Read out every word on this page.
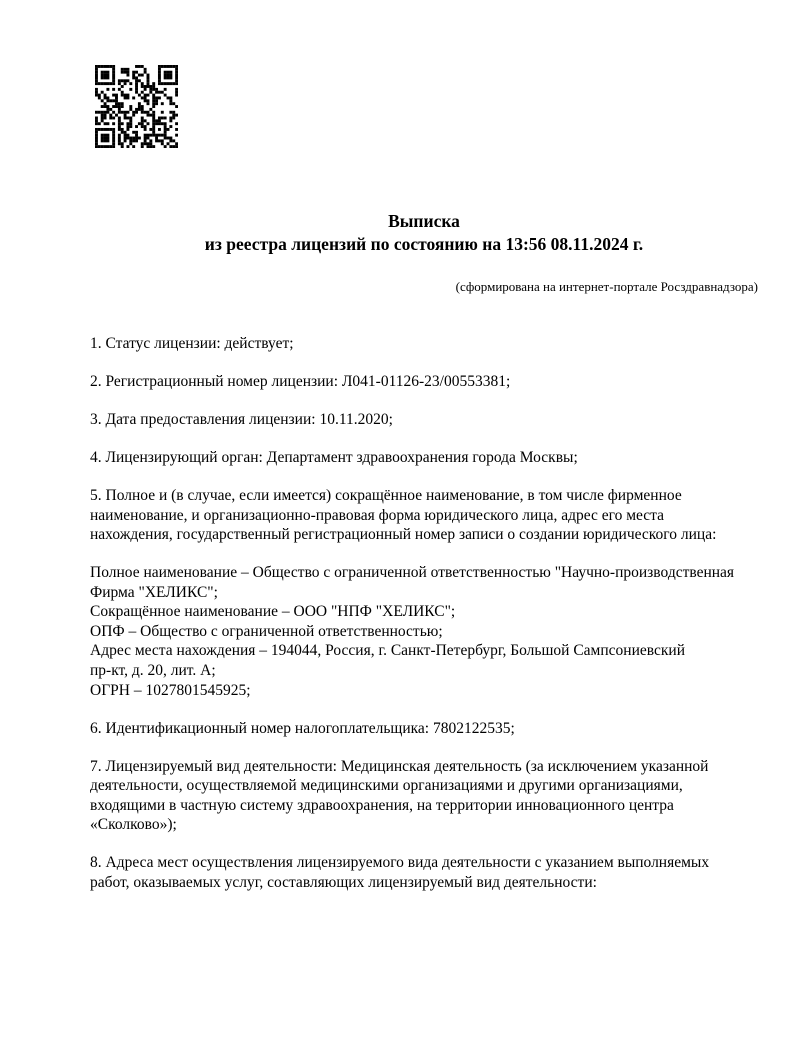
Выписка
из реестра лицензий по состоянию на 13:56 08.11.2024 г.
(сформирована на интернет-портале Росздравнадзора)
1. Статус лицензии: действует;
2. Регистрационный номер лицензии: Л041-01126-23/00553381;
3. Дата предоставления лицензии: 10.11.2020;
4. Лицензирующий орган: Департамент здравоохранения города Москвы;
5. Полное и (в случае, если имеется) сокращённое наименование, в том числе фирменное
наименование, и организационно-правовая форма юридического лица, адрес его места
нахождения, государственный регистрационный номер записи о создании юридического лица:
Полное наименование – Общество с ограниченной ответственностью "Научно-производственная
Фирма "ХЕЛИКС";
Сокращённое наименование – ООО "НПФ "ХЕЛИКС";
ОПФ – Общество с ограниченной ответственностью;
Адрес места нахождения – 194044, Россия, г. Санкт-Петербург, Большой Сампсониевский
пр-кт, д. 20, лит. А;
ОГРН – 1027801545925;
6. Идентификационный номер налогоплательщика: 7802122535;
7. Лицензируемый вид деятельности: Медицинская деятельность (за исключением указанной
деятельности, осуществляемой медицинскими организациями и другими организациями,
входящими в частную систему здравоохранения, на территории инновационного центра
«Сколково»);
8. Адреса мест осуществления лицензируемого вида деятельности с указанием выполняемых
работ, оказываемых услуг, составляющих лицензируемый вид деятельности:
